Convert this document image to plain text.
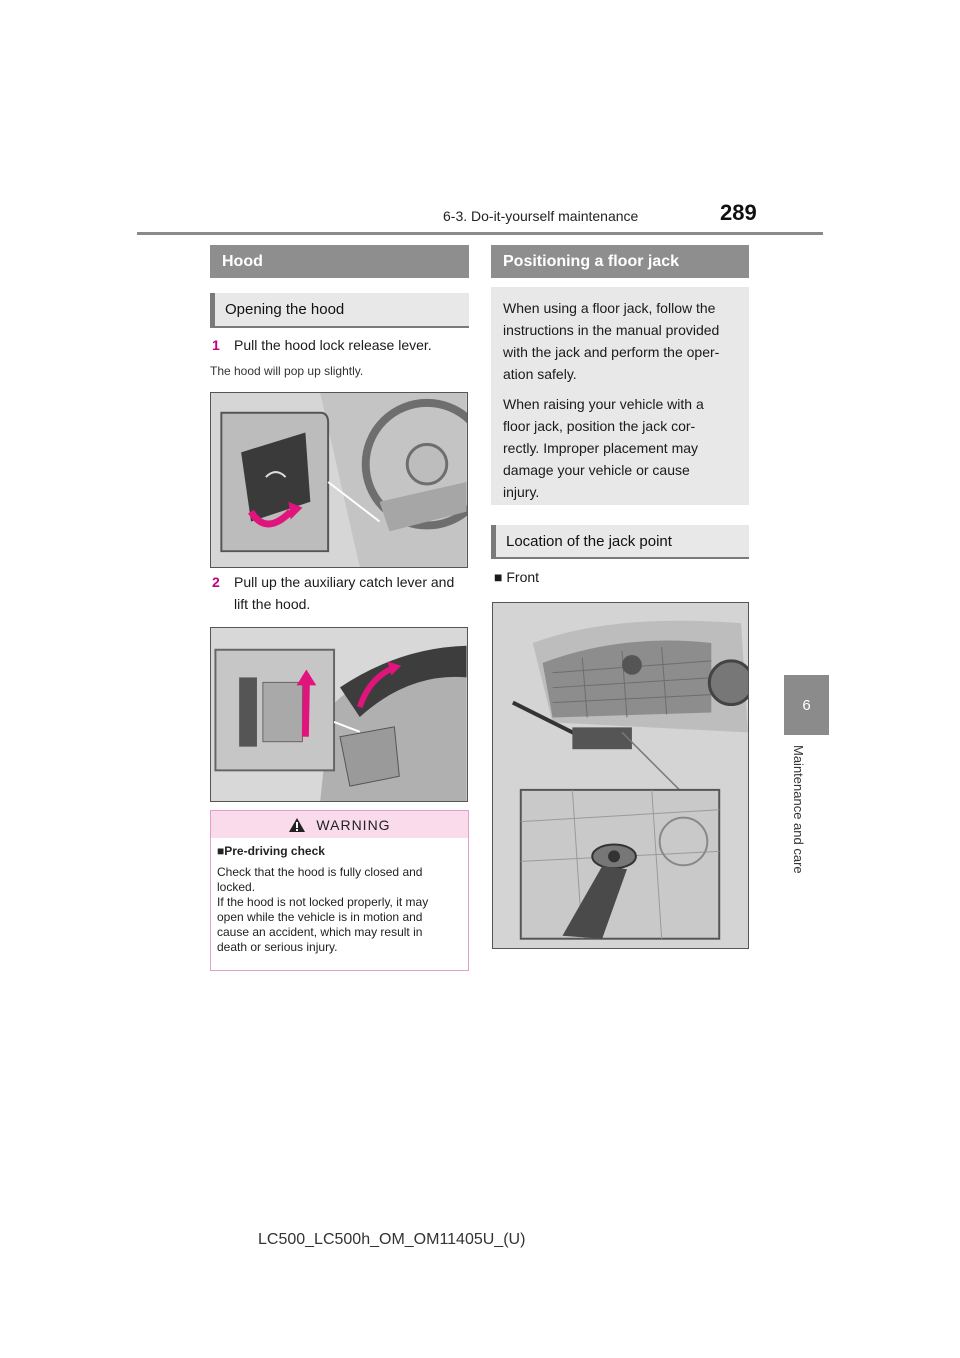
6-3. Do-it-yourself maintenance	289
6
Maintenance and care
Hood
Opening the hood
1 Pull the hood lock release lever.
The hood will pop up slightly.
2 Pull up the auxiliary catch lever and
lift the hood.
WARNING
■Pre-driving check

Check that the hood is fully closed and

locked.

If the hood is not locked properly, it may

open while the vehicle is in motion and

cause an accident, which may result in

death or serious injury.

Positioning a floor jack

When using a floor jack, follow the
instructions in the manual provided
with the jack and perform the oper-
ation safely.

When raising your vehicle with a
floor jack, position the jack cor-
rectly. Improper placement may
damage your vehicle or cause
injury.

Location of the jack point
■ Front
LC500_LC500h_OM_OM11405U_(U)
